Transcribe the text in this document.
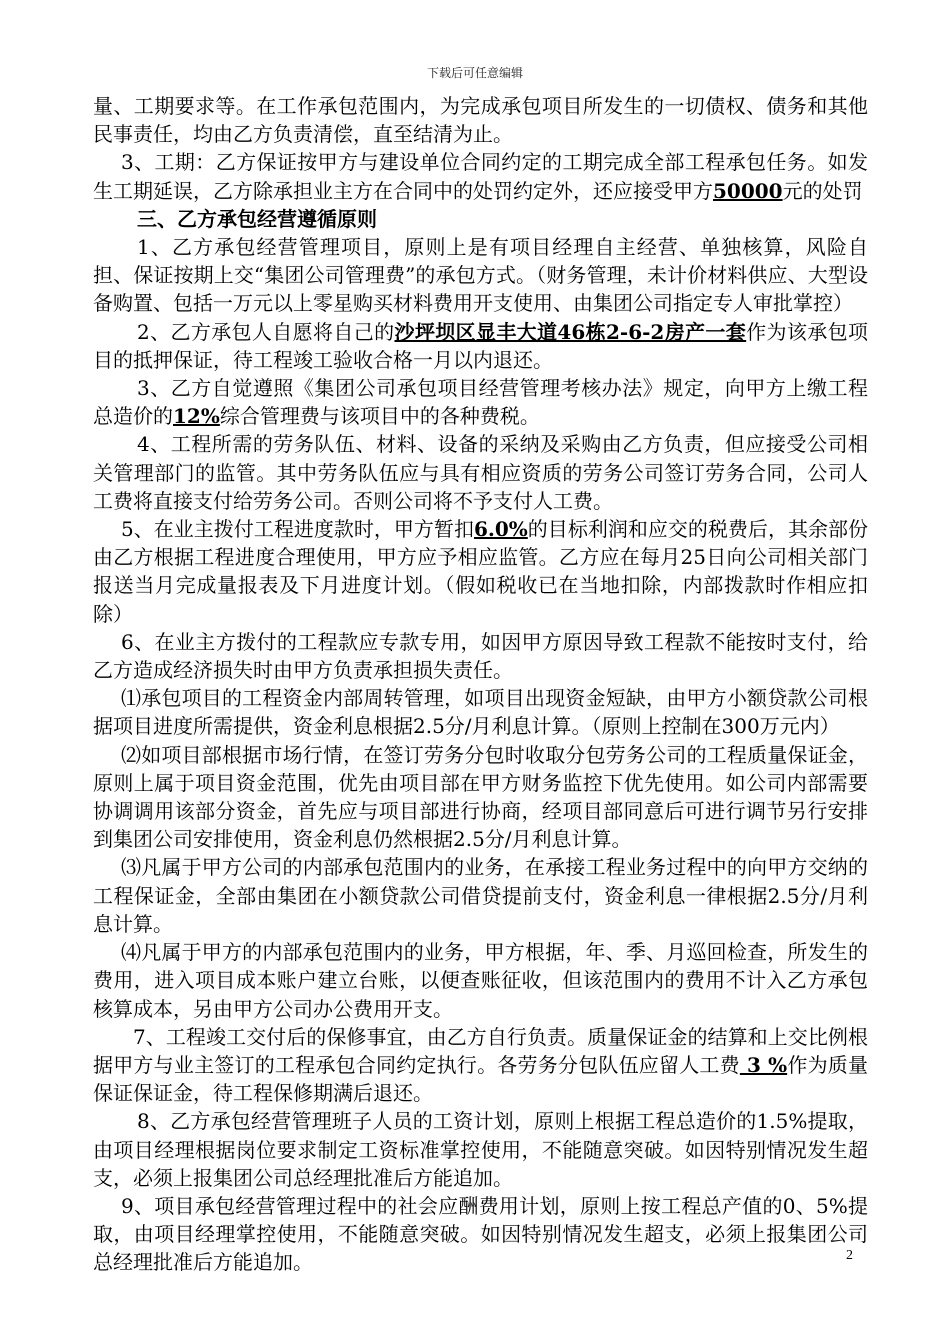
下载后可任意编辑

量、工期要求等。在工作承包范围内，为完成承包项目所发生的一切债权、债务和其他民事责任，均由乙方负责清偿，直至结清为止。

3、工期：乙方保证按甲方与建设单位合同约定的工期完成全部工程承包任务。如发生工期延误，乙方除承担业主方在合同中的处罚约定外，还应接受甲方50000元的处罚

三、乙方承包经营遵循原则

1、乙方承包经营管理项目，原则上是有项目经理自主经营、单独核算，风险自担、保证按期上交“集团公司管理费”的承包方式。（财务管理，未计价材料供应、大型设备购置、包括一万元以上零星购买材料费用开支使用、由集团公司指定专人审批掌控）

2、乙方承包人自愿将自己的沙坪坝区显丰大道46栋2-6-2房产一套作为该承包项目的抵押保证，待工程竣工验收合格一月以内退还。

3、乙方自觉遵照《集团公司承包项目经营管理考核办法》规定，向甲方上缴工程总造价的12%综合管理费与该项目中的各种费税。

4、工程所需的劳务队伍、材料、设备的采纳及采购由乙方负责，但应接受公司相关管理部门的监管。其中劳务队伍应与具有相应资质的劳务公司签订劳务合同，公司人工费将直接支付给劳务公司。否则公司将不予支付人工费。

5、在业主拨付工程进度款时，甲方暂扣6.0%的目标利润和应交的税费后，其余部份由乙方根据工程进度合理使用，甲方应予相应监管。乙方应在每月25日向公司相关部门报送当月完成量报表及下月进度计划。（假如税收已在当地扣除，内部拨款时作相应扣除）

6、在业主方拨付的工程款应专款专用，如因甲方原因导致工程款不能按时支付，给乙方造成经济损失时由甲方负责承担损失责任。

⑴承包项目的工程资金内部周转管理，如项目出现资金短缺，由甲方小额贷款公司根据项目进度所需提供，资金利息根据2.5分/月利息计算。（原则上控制在300万元内）

⑵如项目部根据市场行情，在签订劳务分包时收取分包劳务公司的工程质量保证金，原则上属于项目资金范围，优先由项目部在甲方财务监控下优先使用。如公司内部需要协调调用该部分资金，首先应与项目部进行协商，经项目部同意后可进行调节另行安排到集团公司安排使用，资金利息仍然根据2.5分/月利息计算。

⑶凡属于甲方公司的内部承包范围内的业务，在承接工程业务过程中的向甲方交纳的工程保证金，全部由集团在小额贷款公司借贷提前支付，资金利息一律根据2.5分/月利息计算。

⑷凡属于甲方的内部承包范围内的业务，甲方根据，年、季、月巡回检查，所发生的费用，进入项目成本账户建立台账，以便查账征收，但该范围内的费用不计入乙方承包核算成本，另由甲方公司办公费用开支。

7、工程竣工交付后的保修事宜，由乙方自行负责。质量保证金的结算和上交比例根据甲方与业主签订的工程承包合同约定执行。各劳务分包队伍应留人工费 3 %作为质量保证保证金，待工程保修期满后退还。

8、乙方承包经营管理班子人员的工资计划，原则上根据工程总造价的1.5%提取，由项目经理根据岗位要求制定工资标准掌控使用，不能随意突破。如因特别情况发生超支，必须上报集团公司总经理批准后方能追加。

9、项目承包经营管理过程中的社会应酬费用计划，原则上按工程总产值的0、5%提取，由项目经理掌控使用，不能随意突破。如因特别情况发生超支，必须上报集团公司总经理批准后方能追加。	2
